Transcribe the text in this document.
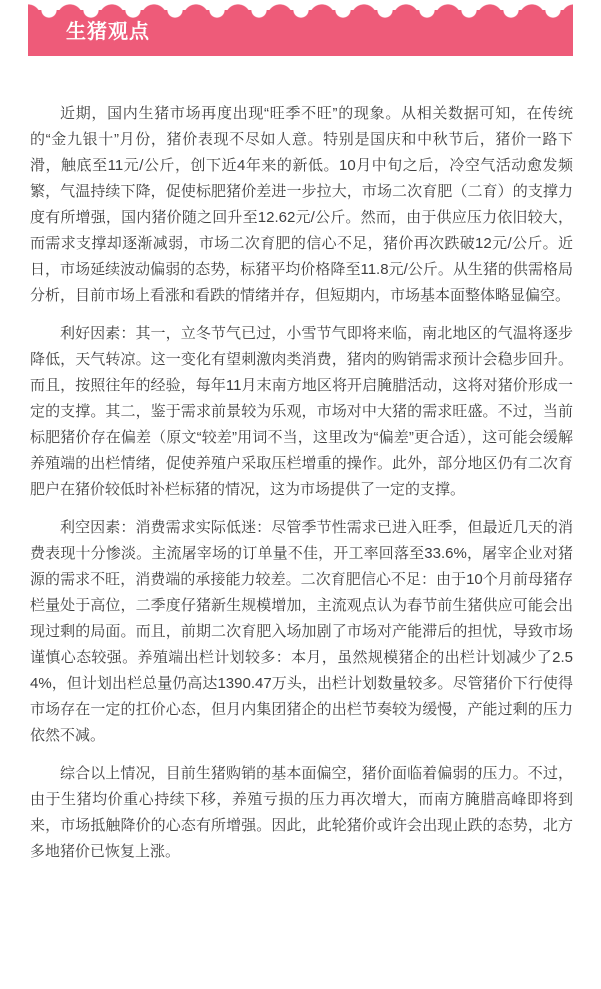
生猪观点

近期，国内生猪市场再度出现“旺季不旺”的现象。从相关数据可知，在传统的“金九银十”月份，猪价表现不尽如人意。特别是国庆和中秋节后，猪价一路下滑，触底至11元/公斤，创下近4年来的新低。10月中旬之后，冷空气活动愈发频繁，气温持续下降，促使标肥猪价差进一步拉大，市场二次育肥（二育）的支撑力度有所增强，国内猪价随之回升至12.62元/公斤。然而，由于供应压力依旧较大，而需求支撑却逐渐减弱，市场二次育肥的信心不足，猪价再次跌破12元/公斤。近日，市场延续波动偏弱的态势，标猪平均价格降至11.8元/公斤。从生猪的供需格局分析，目前市场上看涨和看跌的情绪并存，但短期内，市场基本面整体略显偏空。

利好因素：其一，立冬节气已过，小雪节气即将来临，南北地区的气温将逐步降低，天气转凉。这一变化有望刺激肉类消费，猪肉的购销需求预计会稳步回升。而且，按照往年的经验，每年11月末南方地区将开启腌腊活动，这将对猪价形成一定的支撑。其二，鉴于需求前景较为乐观，市场对中大猪的需求旺盛。不过，当前标肥猪价存在偏差（原文“较差”用词不当，这里改为“偏差”更合适），这可能会缓解养殖端的出栏情绪，促使养殖户采取压栏增重的操作。此外，部分地区仍有二次育肥户在猪价较低时补栏标猪的情况，这为市场提供了一定的支撑。

利空因素：消费需求实际低迷：尽管季节性需求已进入旺季，但最近几天的消费表现十分惨淡。主流屠宰场的订单量不佳，开工率回落至33.6%，屠宰企业对猪源的需求不旺，消费端的承接能力较差。二次育肥信心不足：由于10个月前母猪存栏量处于高位，二季度仔猪新生规模增加，主流观点认为春节前生猪供应可能会出现过剩的局面。而且，前期二次育肥入场加剧了市场对产能滞后的担忧，导致市场谨慎心态较强。养殖端出栏计划较多：本月，虽然规模猪企的出栏计划减少了2.54%，但计划出栏总量仍高达1390.47万头，出栏计划数量较多。尽管猪价下行使得市场存在一定的扛价心态，但月内集团猪企的出栏节奏较为缓慢，产能过剩的压力依然不减。

综合以上情况，目前生猪购销的基本面偏空，猪价面临着偏弱的压力。不过，由于生猪均价重心持续下移，养殖亏损的压力再次增大，而南方腌腊高峰即将到来，市场抵触降价的心态有所增强。因此，此轮猪价或许会出现止跌的态势，北方多地猪价已恢复上涨。
